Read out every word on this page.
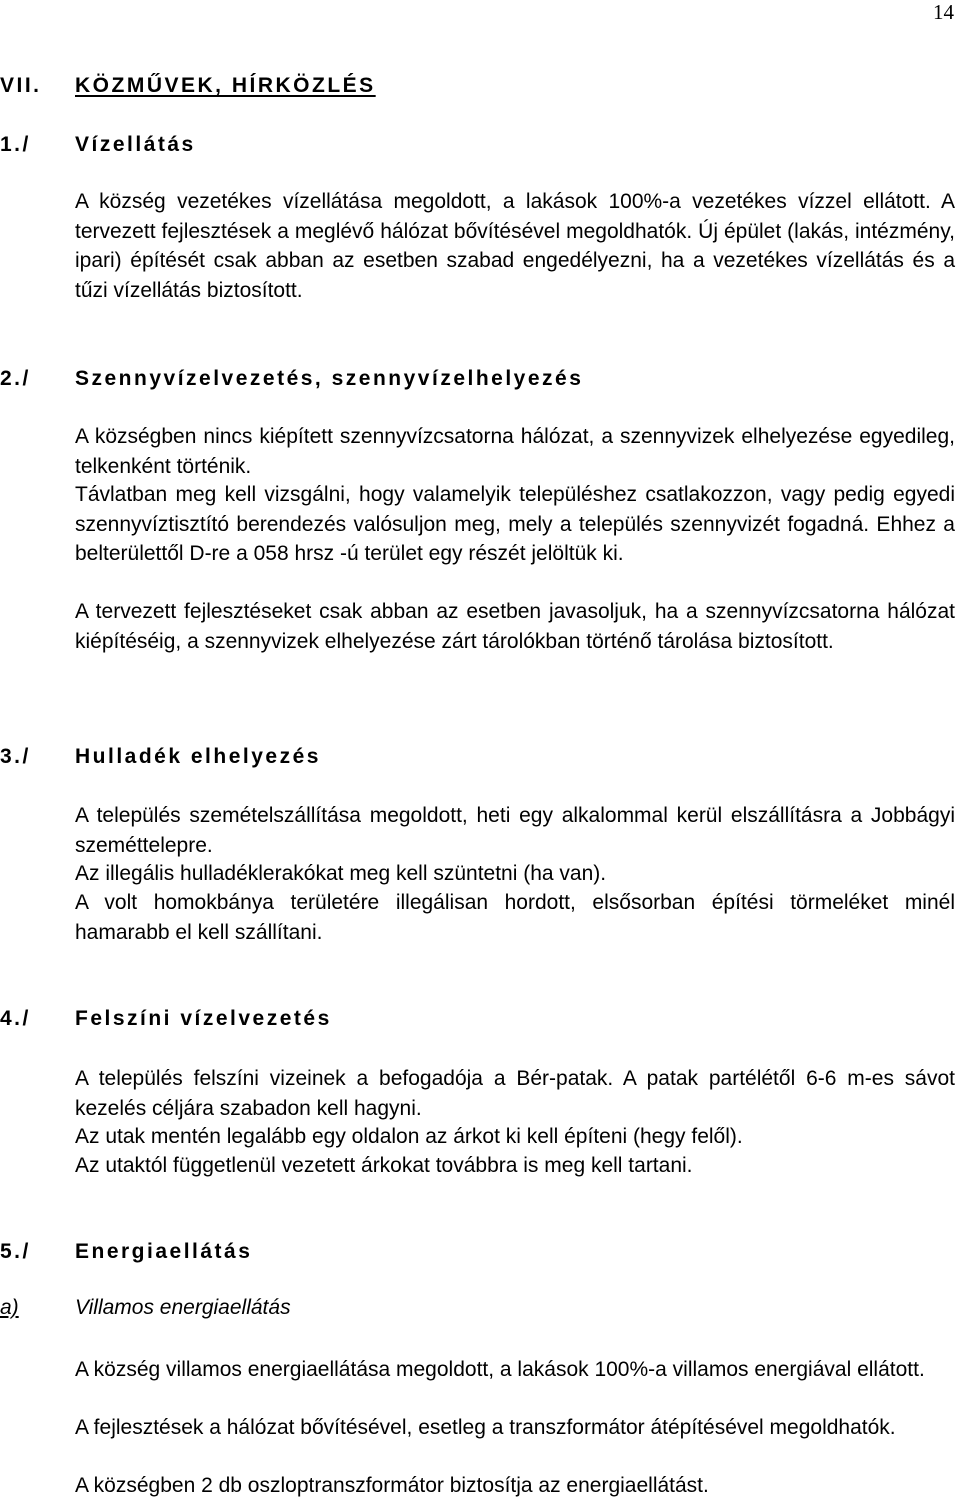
14
VII. KÖZMŰVEK, HÍRKÖZLÉS
1./ Vízellátás
A község vezetékes vízellátása megoldott, a lakások 100%-a vezetékes vízzel ellátott. A tervezett fejlesztések a meglévő hálózat bővítésével megoldhatók. Új épület (lakás, intézmény, ipari) építését csak abban az esetben szabad engedélyezni, ha a vezetékes vízellátás és a tűzi vízellátás biztosított.
2./ Szennyvízelvezetés, szennyvízelhelyezés
A községben nincs kiépített szennyvízcsatorna hálózat, a szennyvizek elhelyezése egyedileg, telkenként történik.
Távlatban meg kell vizsgálni, hogy valamelyik településhez csatlakozzon, vagy pedig egyedi szennyvíztisztító berendezés valósuljon meg, mely a település szennyvizét fogadná. Ehhez a belterülettől D-re a 058 hrsz -ú terület egy részét jelöltük ki.
A tervezett fejlesztéseket csak abban az esetben javasoljuk, ha a szennyvízcsatorna hálózat kiépítéséig, a szennyvizek elhelyezése zárt tárolókban történő tárolása biztosított.
3./ Hulladék elhelyezés
A település szemételszállítása megoldott, heti egy alkalommal kerül elszállításra a Jobbágyi szeméttelepre.
Az illegális hulladéklerakókat meg kell szüntetni (ha van).
A volt homokbánya területére illegálisan hordott, elsősorban építési törmeléket minél hamarabb el kell szállítani.
4./ Felszíni vízelvezetés
A település felszíni vizeinek a befogadója a Bér-patak. A patak partélétől 6-6 m-es sávot kezelés céljára szabadon kell hagyni.
Az utak mentén legalább egy oldalon az árkot ki kell építeni (hegy felől).
Az utaktól függetlenül vezetett árkokat továbbra is meg kell tartani.
5./ Energiaellátás
a)	Villamos energiaellátás
A község villamos energiaellátása megoldott, a lakások 100%-a villamos energiával ellátott.
A fejlesztések a hálózat bővítésével, esetleg a transzformátor átépítésével megoldhatók.
A községben 2 db oszloptranszformátor biztosítja az energiaellátást.
